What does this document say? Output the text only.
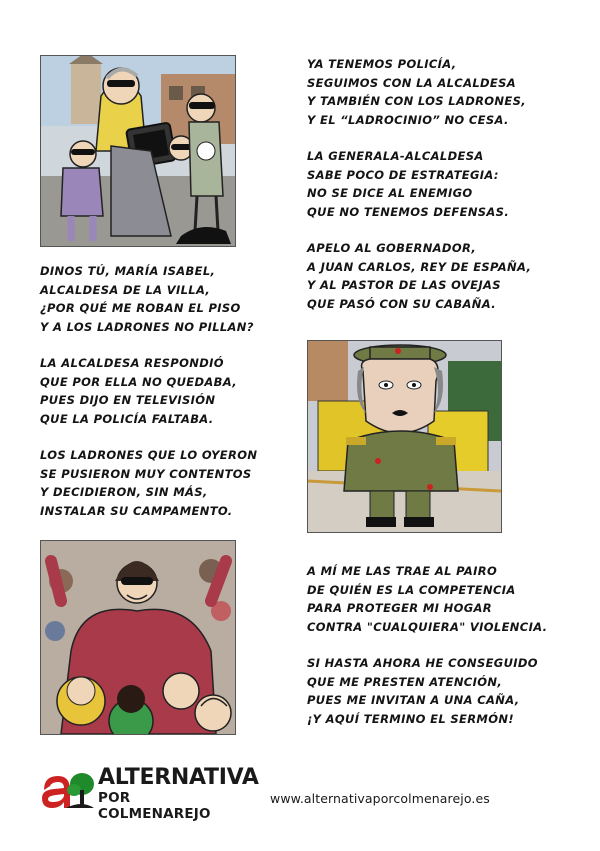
DINOS TÚ, MARÍA ISABEL,
ALCALDESA DE LA VILLA,
¿POR QUÉ ME ROBAN EL PISO
Y A LOS LADRONES NO PILLAN?

LA ALCALDESA RESPONDIÓ
QUE POR ELLA NO QUEDABA,
PUES DIJO EN TELEVISIÓN
QUE LA POLICÍA FALTABA.

LOS LADRONES QUE LO OYERON
SE PUSIERON MUY CONTENTOS
Y DECIDIERON, SIN MÁS,
INSTALAR SU CAMPAMENTO.

YA TENEMOS POLICÍA,
SEGUIMOS CON LA ALCALDESA
Y TAMBIÉN CON LOS LADRONES,
Y EL “LADROCINIO” NO CESA.

LA GENERALA-ALCALDESA
SABE POCO DE ESTRATEGIA:
NO SE DICE AL ENEMIGO
QUE NO TENEMOS DEFENSAS.

APELO AL GOBERNADOR,
A JUAN CARLOS, REY DE ESPAÑA,
Y AL PASTOR DE LAS OVEJAS
QUE PASÓ CON SU CABAÑA.

A MÍ ME LAS TRAE AL PAIRO
DE QUIÉN ES LA COMPETENCIA
PARA PROTEGER MI HOGAR
CONTRA "CUALQUIERA" VIOLENCIA.

SI HASTA AHORA HE CONSEGUIDO
QUE ME PRESTEN ATENCIÓN,
PUES ME INVITAN A UNA CAÑA,
¡Y AQUÍ TERMINO EL SERMÓN!

ALTERNATIVA
POR COLMENAREJO
www.alternativaporcolmenarejo.es
